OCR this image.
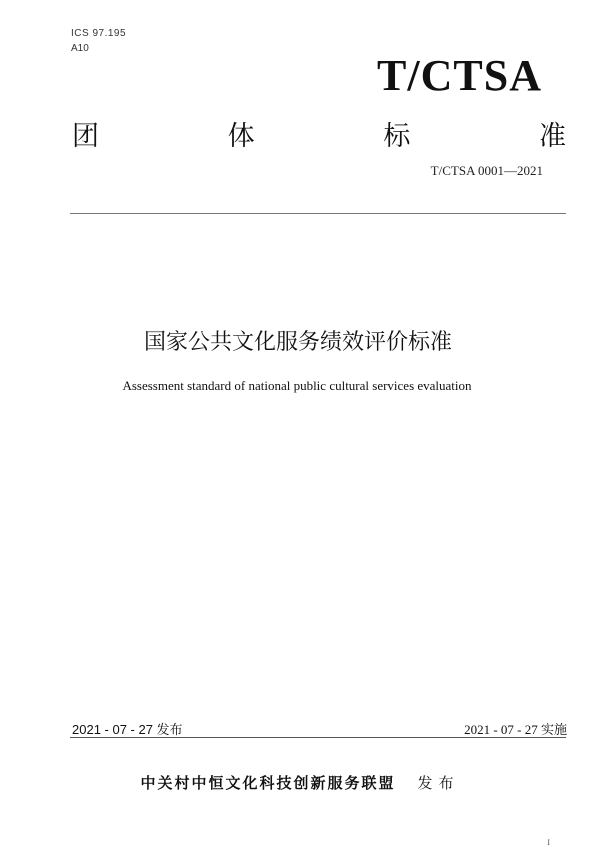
ICS 97.195
A10
T/CTSA
团	体	标	准
T/CTSA 0001—2021
国家公共文化服务绩效评价标准
Assessment standard of national public cultural services evaluation
2021 - 07 - 27 发布	2021 - 07 - 27 实施
中关村中恒文化科技创新服务联盟 发布
I
